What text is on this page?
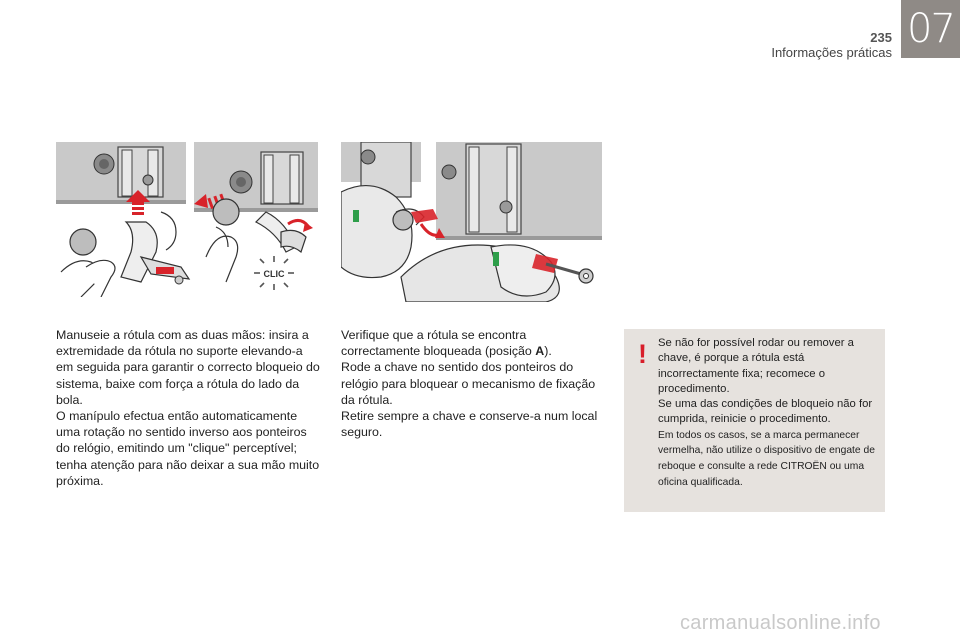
235
Informações práticas
07
CLIC

Manuseie a rótula com as duas mãos: insira a extremidade da rótula no suporte elevando-a em seguida para garantir o correcto bloqueio do sistema, baixe com força a rótula do lado da bola.

O manípulo efectua então automaticamente uma rotação no sentido inverso aos ponteiros do relógio, emitindo um "clique" perceptível; tenha atenção para não deixar a sua mão muito próxima.

Verifique que a rótula se encontra correctamente bloqueada (posição A).

Rode a chave no sentido dos ponteiros do relógio para bloquear o mecanismo de fixação da rótula.

Retire sempre a chave e conserve-a num local seguro.

! Se não for possível rodar ou remover a chave, é porque a rótula está incorrectamente fixa; recomece o procedimento.

Se uma das condições de bloqueio não for cumprida, reinicie o procedimento.

Em todos os casos, se a marca permanecer vermelha, não utilize o dispositivo de engate de reboque e consulte a rede CITROËN ou uma oficina qualificada.

carmanualsonline.info
